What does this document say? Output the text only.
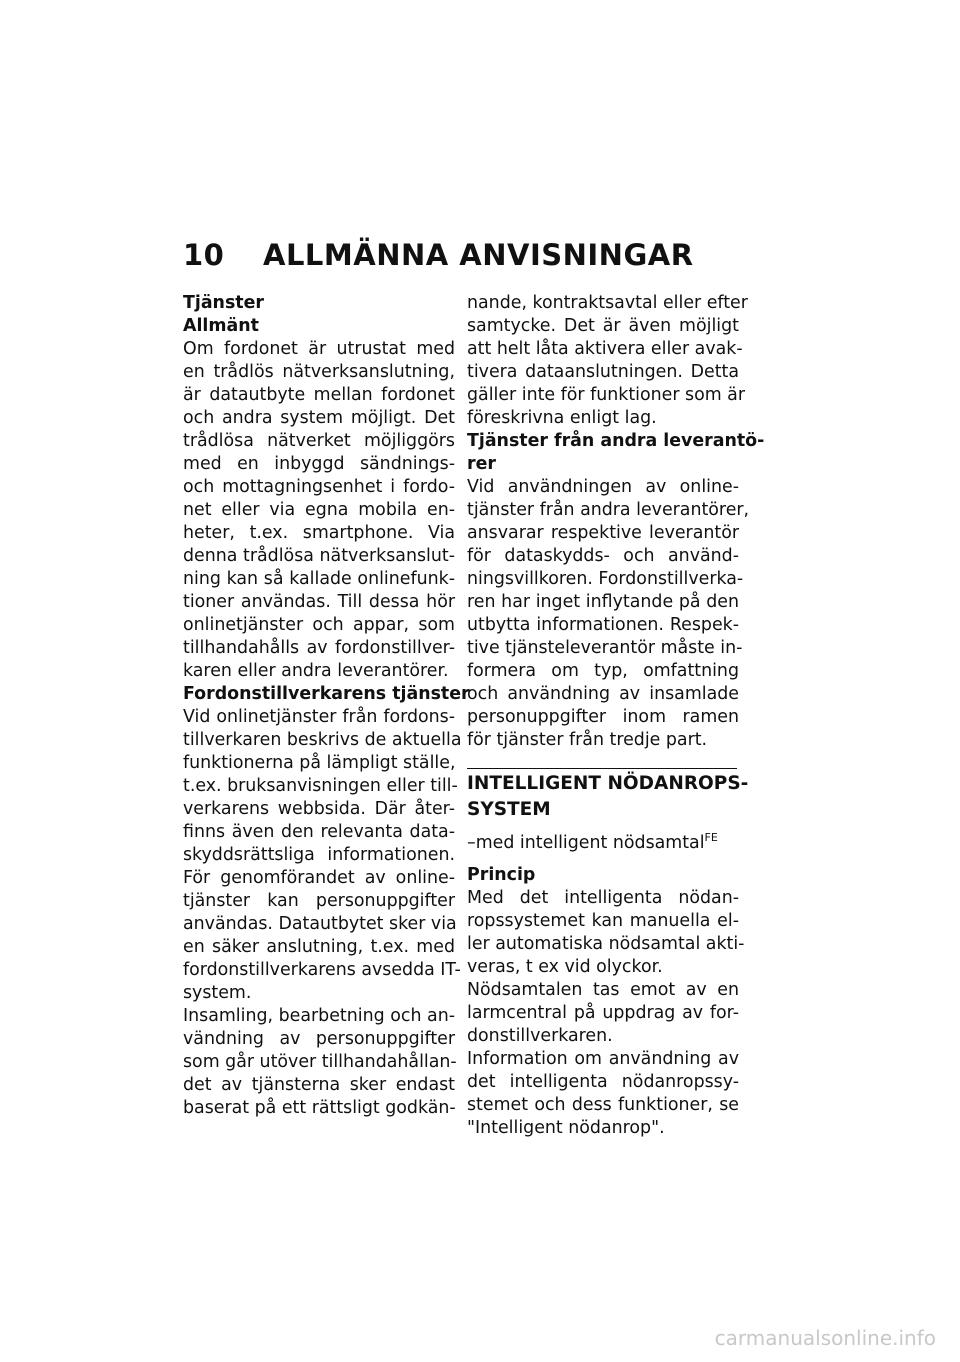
10 ALLMÄNNA ANVISNINGAR
Tjänster
Allmänt
Om fordonet är utrustat med
en trådlös nätverksanslutning,
är datautbyte mellan fordonet
och andra system möjligt. Det
trådlösa nätverket möjliggörs
med en inbyggd sändnings-
och mottagningsenhet i fordo-
net eller via egna mobila en-
heter, t.ex. smartphone. Via
denna trådlösa nätverksanslut-
ning kan så kallade onlinefunk-
tioner användas. Till dessa hör
onlinetjänster och appar, som
tillhandahålls av fordonstillver-
karen eller andra leverantörer.
Fordonstillverkarens tjänster
Vid onlinetjänster från fordons-
tillverkaren beskrivs de aktuella
funktionerna på lämpligt ställe,
t.ex. bruksanvisningen eller till-
verkarens webbsida. Där åter-
finns även den relevanta data-
skyddsrättsliga informationen.
För genomförandet av online-
tjänster kan personuppgifter
användas. Datautbytet sker via
en säker anslutning, t.ex. med
fordonstillverkarens avsedda IT-
system.
Insamling, bearbetning och an-
vändning av personuppgifter
som går utöver tillhandahållan-
det av tjänsterna sker endast
baserat på ett rättsligt godkän-
nande, kontraktsavtal eller efter
samtycke. Det är även möjligt
att helt låta aktivera eller avak-
tivera dataanslutningen. Detta
gäller inte för funktioner som är
föreskrivna enligt lag.
Tjänster från andra leverantö-
rer
Vid användningen av online-
tjänster från andra leverantörer,
ansvarar respektive leverantör
för dataskydds- och använd-
ningsvillkoren. Fordonstillverka-
ren har inget inflytande på den
utbytta informationen. Respek-
tive tjänsteleverantör måste in-
formera om typ, omfattning
och användning av insamlade
personuppgifter inom ramen
för tjänster från tredje part.
INTELLIGENT NÖDANROPS-
SYSTEM
–med intelligent nödsamtal$^{FE}$
Princip
Med det intelligenta nödan-
ropssystemet kan manuella el-
ler automatiska nödsamtal akti-
veras, t ex vid olyckor.
Nödsamtalen tas emot av en
larmcentral på uppdrag av for-
donstillverkaren.
Information om användning av
det intelligenta nödanropssy-
stemet och dess funktioner, se
"Intelligent nödanrop".
carmanualsonline.info
